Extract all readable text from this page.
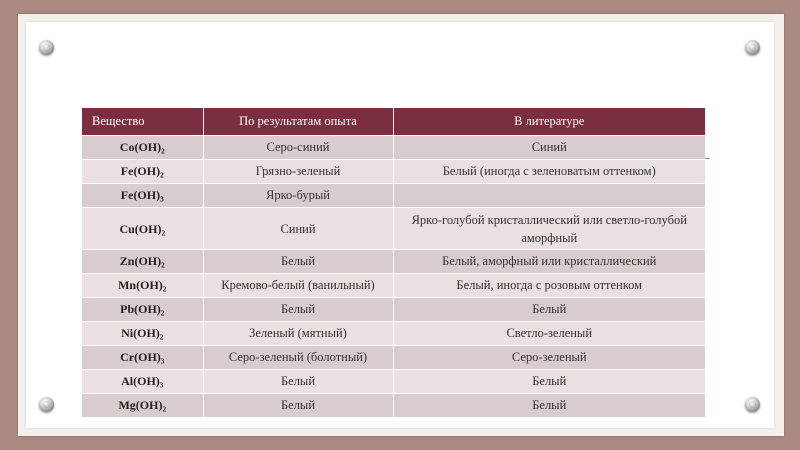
Вещество	По результатам опыта	В литературе
Co(OH)₂	Серо-синий	Синий
Fe(OH)₂	Грязно-зеленый	Белый (иногда с зеленоватым оттенком)
Fe(OH)₃	Ярко-бурый	
Cu(OH)₂	Синий	Ярко-голубой кристаллический или светло-голубой аморфный
Zn(OH)₂	Белый	Белый, аморфный или кристаллический
Mn(OH)₂	Кремово-белый (ванильный)	Белый, иногда с розовым оттенком
Pb(OH)₂	Белый	Белый
Ni(OH)₂	Зеленый (мятный)	Светло-зеленый
Cr(OH)₃	Серо-зеленый (болотный)	Серо-зеленый
Al(OH)₃	Белый	Белый
Mg(OH)₂	Белый	Белый
